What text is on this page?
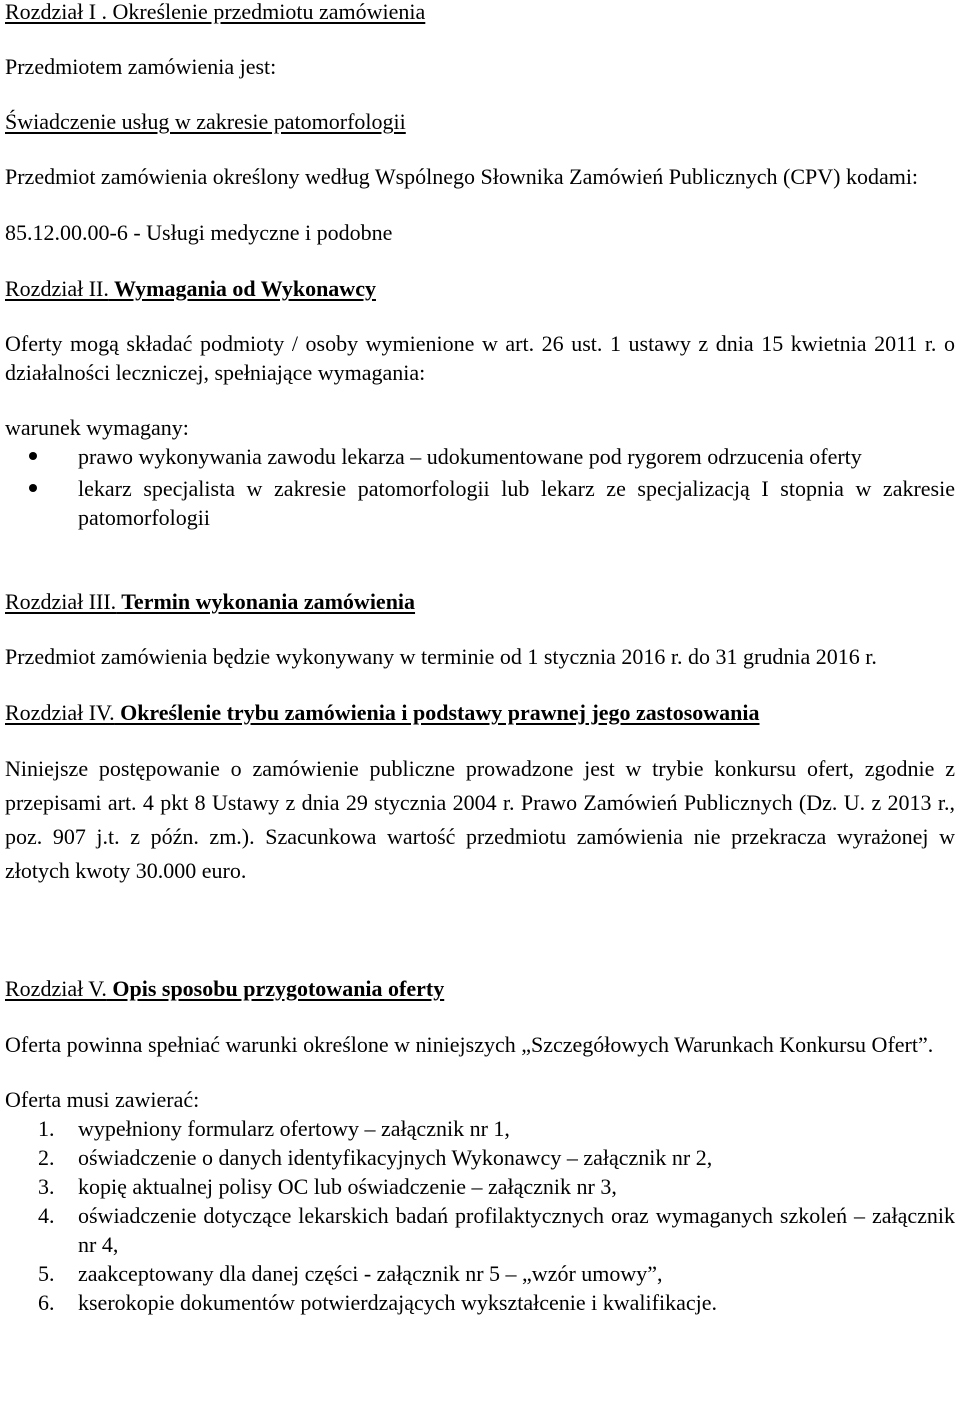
Rozdział I . Określenie przedmiotu zamówienia

Przedmiotem zamówienia jest:

Świadczenie usług w zakresie patomorfologii

Przedmiot zamówienia określony według Wspólnego Słownika Zamówień Publicznych (CPV) kodami:

85.12.00.00-6 - Usługi medyczne i podobne

Rozdział II. Wymagania od Wykonawcy

Oferty mogą składać podmioty / osoby wymienione w art. 26 ust. 1 ustawy z dnia 15 kwietnia 2011 r. o działalności leczniczej, spełniające wymagania:

warunek wymagany:

prawo wykonywania zawodu lekarza – udokumentowane pod rygorem odrzucenia oferty
lekarz specjalista w zakresie patomorfologii lub lekarz ze specjalizacją I stopnia w zakresie patomorfologii

Rozdział III. Termin wykonania zamówienia

Przedmiot zamówienia będzie wykonywany w terminie od 1 stycznia 2016 r. do 31 grudnia 2016 r.

Rozdział IV. Określenie trybu zamówienia i podstawy prawnej jego zastosowania

Niniejsze postępowanie o zamówienie publiczne prowadzone jest w trybie konkursu ofert, zgodnie z przepisami art. 4 pkt 8 Ustawy z dnia 29 stycznia 2004 r. Prawo Zamówień Publicznych (Dz. U. z 2013 r., poz. 907 j.t. z późn. zm.). Szacunkowa wartość przedmiotu zamówienia nie przekracza wyrażonej w złotych kwoty 30.000 euro.

Rozdział V. Opis sposobu przygotowania oferty

Oferta powinna spełniać warunki określone w niniejszych „Szczegółowych Warunkach Konkursu Ofert”.

Oferta musi zawierać:

1. wypełniony formularz ofertowy – załącznik nr 1,
2. oświadczenie o danych identyfikacyjnych Wykonawcy – załącznik nr 2,
3. kopię aktualnej polisy OC lub oświadczenie – załącznik nr 3,
4. oświadczenie dotyczące lekarskich badań profilaktycznych oraz wymaganych szkoleń – załącznik nr 4,
5. zaakceptowany dla danej części - załącznik nr 5 – „wzór umowy”,
6. kserokopie dokumentów potwierdzających wykształcenie i kwalifikacje.
